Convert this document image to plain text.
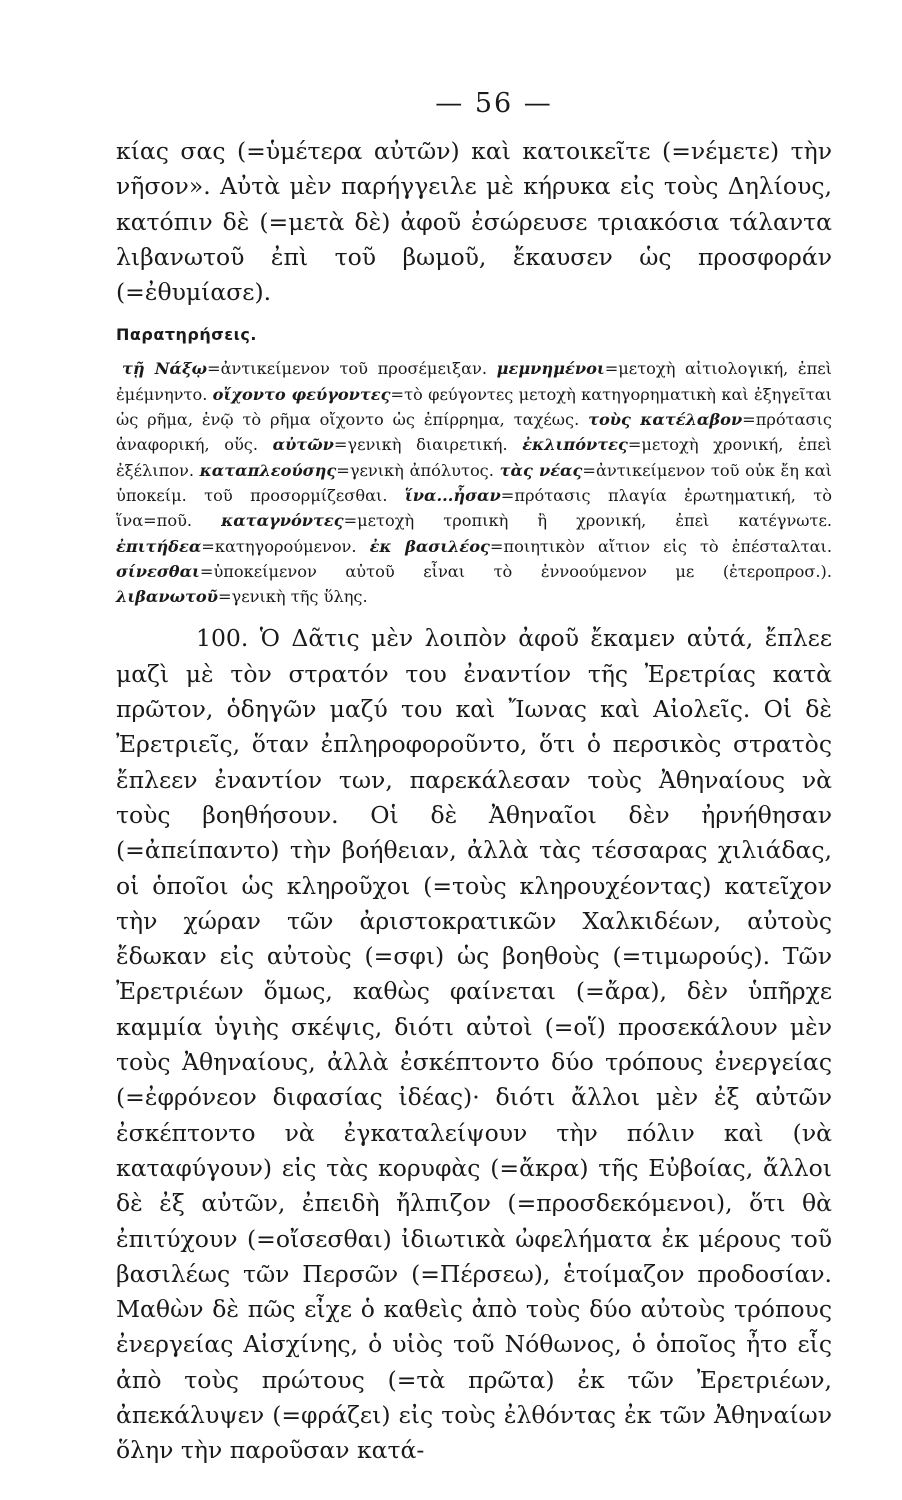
— 56 —

κίας σας (=ὑμέτερα αὐτῶν) καὶ κατοικεῖτε (=νέμετε) τὴν νῆσον». Αὐτὰ μὲν παρήγγειλε μὲ κήρυκα εἰς τοὺς Δηλίους, κατόπιν δὲ (=μετὰ δὲ) ἀφοῦ ἐσώρευσε τριακόσια τάλαντα λιβανωτοῦ ἐπὶ τοῦ βωμοῦ, ἔκαυσεν ὡς προσφοράν (=ἐθυμίασε).

Παρατηρήσεις.

τῇ Νάξῳ=ἀντικείμενον τοῦ προσέμειξαν. μεμνημένοι=μετοχὴ αἰτιολογική, ἐπεὶ ἐμέμνηντο. οἴχοντο φεύγοντες=τὸ φεύγοντες μετοχὴ κατηγορηματικὴ καὶ ἐξηγεῖται ὡς ρῆμα, ἐνῷ τὸ ρῆμα οἴχοντο ὡς ἐπίρρημα, ταχέως. τοὺς κατέλαβον=πρότασις ἀναφορική, οὕς. αὐτῶν=γενικὴ διαιρετική. ἐκλιπόντες=μετοχὴ χρονική, ἐπεὶ ἐξέλιπον. καταπλεούσης=γενικὴ ἀπόλυτος. τὰς νέας=ἀντικείμενον τοῦ οὐκ ἔη καὶ ὑποκείμ. τοῦ προσορμίζεσθαι. ἵνα...ἦσαν=πρότασις πλαγία ἐρωτηματική, τὸ ἵνα=ποῦ. καταγνόντες=μετοχὴ τροπικὴ ἢ χρονική, ἐπεὶ κατέγνωτε. ἐπιτήδεα=κατηγορούμενον. ἐκ βασιλέος=ποιητικὸν αἴτιον εἰς τὸ ἐπέσταλται. σίνεσθαι=ὑποκείμενον αὐτοῦ εἶναι τὸ ἐννοούμενον με (ἑτεροπροσ.). λιβανωτοῦ=γενικὴ τῆς ὕλης.

100. Ὁ Δᾶτις μὲν λοιπὸν ἀφοῦ ἔκαμεν αὐτά, ἔπλεε μαζὶ μὲ τὸν στρατόν του ἐναντίον τῆς Ἐρετρίας κατὰ πρῶτον, ὁδηγῶν μαζύ του καὶ Ἴωνας καὶ Αἰολεῖς. Οἱ δὲ Ἐρετριεῖς, ὅταν ἐπληροφοροῦντο, ὅτι ὁ περσικὸς στρατὸς ἔπλεεν ἐναντίον των, παρεκάλεσαν τοὺς Ἀθηναίους νὰ τοὺς βοηθήσουν. Οἱ δὲ Ἀθηναῖοι δὲν ἠρνήθησαν (=ἀπείπαντο) τὴν βοήθειαν, ἀλλὰ τὰς τέσσαρας χιλιάδας, οἱ ὁποῖοι ὡς κληροῦχοι (=τοὺς κληρουχέοντας) κατεῖχον τὴν χώραν τῶν ἀριστοκρατικῶν Χαλκιδέων, αὐτοὺς ἔδωκαν εἰς αὐτοὺς (=σφι) ὡς βοηθοὺς (=τιμωρούς). Τῶν Ἐρετριέων ὅμως, καθὼς φαίνεται (=ἄρα), δὲν ὑπῆρχε καμμία ὑγιὴς σκέψις, διότι αὐτοὶ (=οἵ) προσεκάλουν μὲν τοὺς Ἀθηναίους, ἀλλὰ ἐσκέπτοντο δύο τρόπους ἐνεργείας (=ἐφρόνεον διφασίας ἰδέας)· διότι ἄλλοι μὲν ἐξ αὐτῶν ἐσκέπτοντο νὰ ἐγκαταλείψουν τὴν πόλιν καὶ (νὰ καταφύγουν) εἰς τὰς κορυφὰς (=ἄκρα) τῆς Εὐβοίας, ἄλλοι δὲ ἐξ αὐτῶν, ἐπειδὴ ἤλπιζον (=προσδεκόμενοι), ὅτι θὰ ἐπιτύχουν (=οἴσεσθαι) ἰδιωτικὰ ὠφελήματα ἐκ μέρους τοῦ βασιλέως τῶν Περσῶν (=Πέρσεω), ἑτοίμαζον προδοσίαν. Μαθὼν δὲ πῶς εἶχε ὁ καθεὶς ἀπὸ τοὺς δύο αὐτοὺς τρόπους ἐνεργείας Αἰσχίνης, ὁ υἱὸς τοῦ Νόθωνος, ὁ ὁποῖος ἦτο εἷς ἀπὸ τοὺς πρώτους (=τὰ πρῶτα) ἐκ τῶν Ἐρετριέων, ἀπεκάλυψεν (=φράζει) εἰς τοὺς ἐλθόντας ἐκ τῶν Ἀθηναίων ὅλην τὴν παροῦσαν κατά-
